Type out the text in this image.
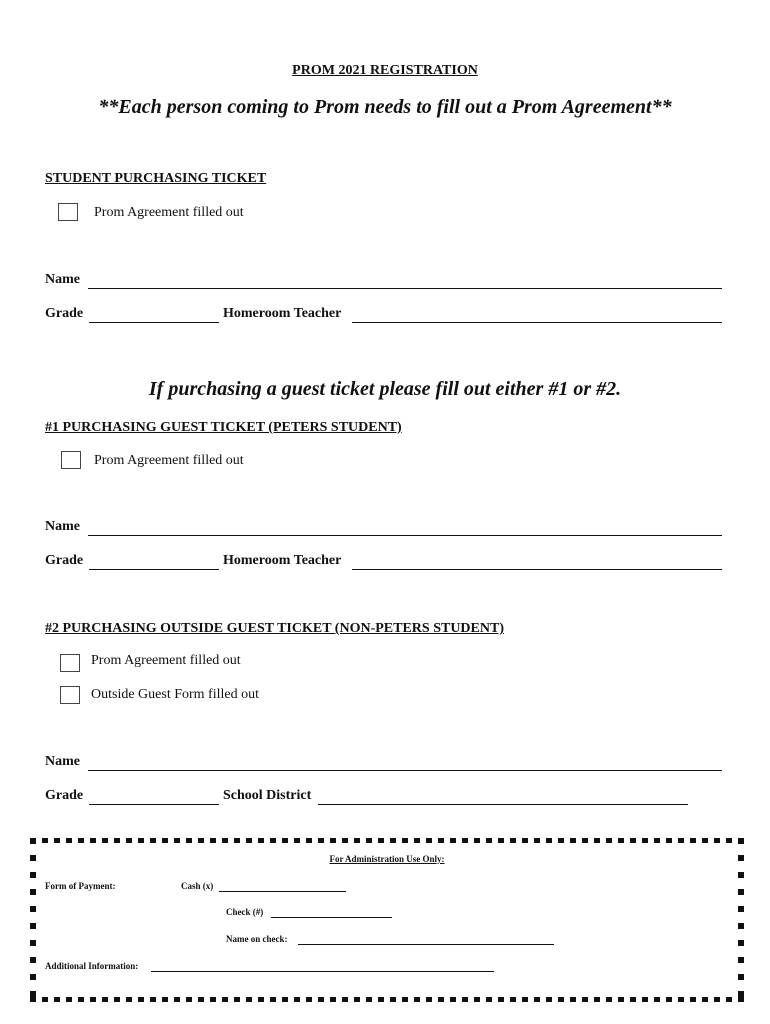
PROM 2021 REGISTRATION
**Each person coming to Prom needs to fill out a Prom Agreement**
STUDENT PURCHASING TICKET
Prom Agreement filled out
Name
Grade	Homeroom Teacher
If purchasing a guest ticket please fill out either #1 or #2.
#1 PURCHASING GUEST TICKET (PETERS STUDENT)
Prom Agreement filled out
Name
Grade	Homeroom Teacher
#2 PURCHASING OUTSIDE GUEST TICKET (NON-PETERS STUDENT)
Prom Agreement filled out
Outside Guest Form filled out
Name
Grade	School District
For Administration Use Only:
Form of Payment:	Cash (x)
Check (#)
Name on check:
Additional Information:
